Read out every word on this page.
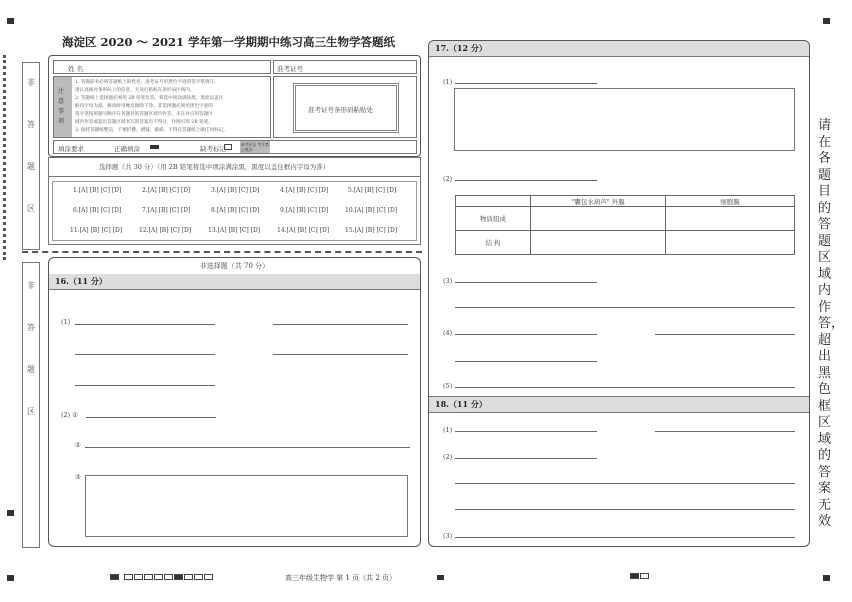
非
答
题
区
非
答
题
区
海淀区 2020 ～ 2021 学年第一学期期中练习高三生物学答题纸
姓 名	准考证号
注意事项
1. 答题前务必将答题纸上的姓名、准考证号用黑色字迹的签字笔填写，
请认真核对条形码上的信息，无误后粘贴在条形码区域内。
2. 答题纸上选择题必须用 2B 铅笔作答，将选中项涂满涂黑，黑度以盖住
框内字母为准，修改时用橡皮擦除干净。非选择题必须用黑色字迹的
签字笔按照题号顺序在各题目的答题区域内作答，未在对应的答题区
域内作答或超出答题区域书写的答案均不得分，作图可用 2B 铅笔。
3. 保持答题纸整洁，不要折叠、褶皱、破损，不得在答题纸上做任何标记。
准考证号条形码粘贴处
填涂要求	正确填涂	缺考标记
缺考标记 考生禁止填涂
选择题（共 30 分）（用 2B 铅笔将选中项涂满涂黑，黑度以盖住框内字母为准）
1.[A] [B] [C] [D]	2.[A] [B] [C] [D]	3.[A] [B] [C] [D]	4.[A] [B] [C] [D]	5.[A] [B] [C] [D]
6.[A] [B] [C] [D]	7.[A] [B] [C] [D]	8.[A] [B] [C] [D]	9.[A] [B] [C] [D]	10.[A] [B] [C] [D]
11.[A] [B] [C] [D]	12.[A] [B] [C] [D]	13.[A] [B] [C] [D]	14.[A] [B] [C] [D]	15.[A] [B] [C] [D]
非选择题（共 70 分）
16.（11 分）
(1)
(2) ①
②
③
17.（12 分）
(1)
(2)
	"囊包水葫芦" 外膜	细胞膜
物质组成		
结 构		
(3)
(4)
(5)
18.（11 分）
(1)
(2)
(3)
请在各题目的答题区域内作答，超出黑色框区域的答案无效

高三年级生物学 第 1 页（共 2 页）
